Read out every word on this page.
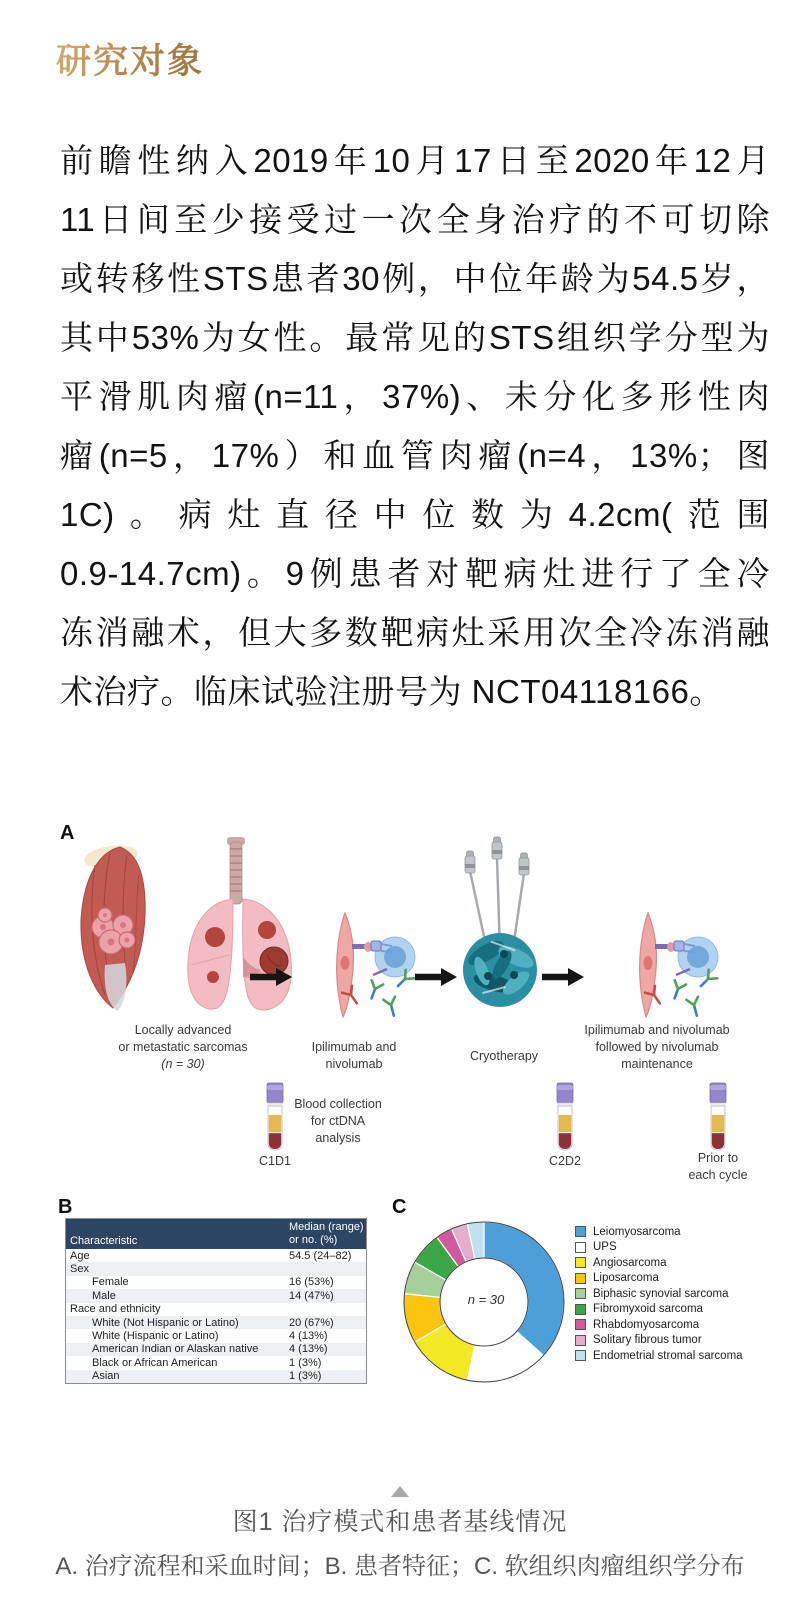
研究对象
前瞻性纳入2019年10月17日至2020年12月
11日间至少接受过一次全身治疗的不可切除
或转移性STS患者30例，中位年龄为54.5岁，
其中53%为女性。最常见的STS组织学分型为
平滑肌肉瘤(n=11，37%)、未分化多形性肉
瘤(n=5，17%）和血管肉瘤(n=4，13%；图
1C)。病灶直径中位数为4.2cm(范围
0.9-14.7cm)。9例患者对靶病灶进行了全冷
冻消融术，但大多数靶病灶采用次全冷冻消融
术治疗。临床试验注册号为 NCT04118166。
A
Locally advanced
or metastatic sarcomas
(n = 30)
Ipilimumab and
nivolumab
Cryotherapy
Ipilimumab and nivolumab
followed by nivolumab
maintenance
Blood collection
for ctDNA
analysis
C1D1	C2D2	Prior to
each cycle
B
Characteristic
Median (range)
or no. (%)
Age	54.5 (24–82)
Sex
Female	16 (53%)
Male	14 (47%)
Race and ethnicity
White (Not Hispanic or Latino)	20 (67%)
White (Hispanic or Latino)	4 (13%)
American Indian or Alaskan native	4 (13%)
Black or African American	1 (3%)
Asian	1 (3%)
C
n = 30
Leiomyosarcoma
UPS
Angiosarcoma
Liposarcoma
Biphasic synovial sarcoma
Fibromyxoid sarcoma
Rhabdomyosarcoma
Solitary fibrous tumor
Endometrial stromal sarcoma
图1 治疗模式和患者基线情况
A. 治疗流程和采血时间；B. 患者特征；C. 软组织肉瘤组织学分布
